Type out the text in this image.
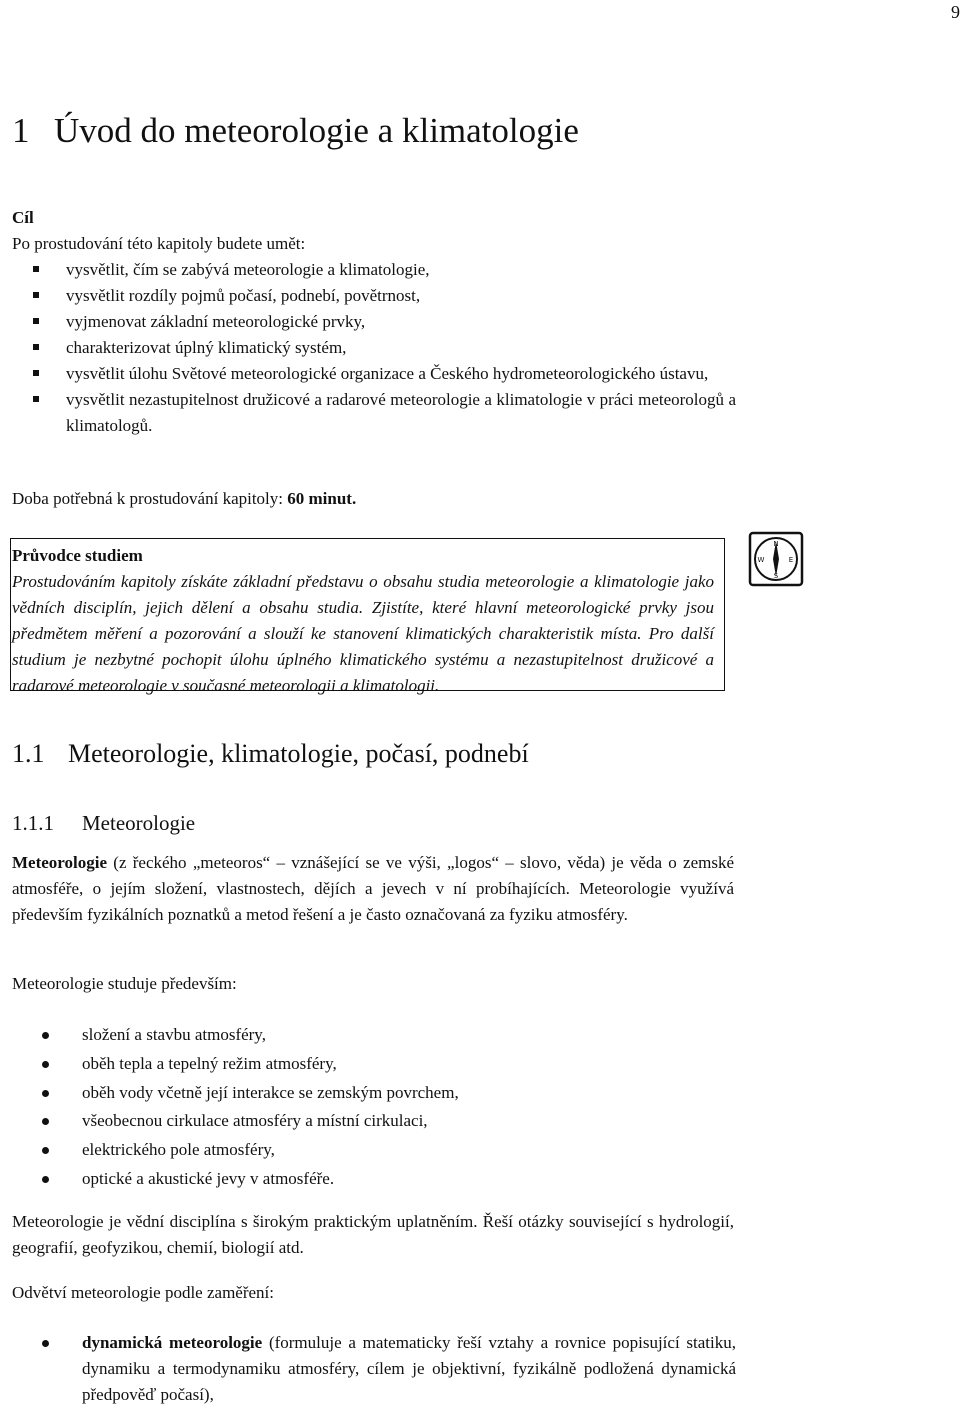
9
1 Úvod do meteorologie a klimatologie
Cíl
Po prostudování této kapitoly budete umět:
vysvětlit, čím se zabývá meteorologie a klimatologie,
vysvětlit rozdíly pojmů počasí, podnebí, povětrnost,
vyjmenovat základní meteorologické prvky,
charakterizovat úplný klimatický systém,
vysvětlit úlohu Světové meteorologické organizace a Českého hydrometeorologického ústavu,
vysvětlit nezastupitelnost družicové a radarové meteorologie a klimatologie v práci meteorologů a klimatologů.
Doba potřebná k prostudování kapitoly: 60 minut.
Průvodce studiem
Prostudováním kapitoly získáte základní představu o obsahu studia meteorologie a klimatologie jako vědních disciplín, jejich dělení a obsahu studia. Zjistíte, které hlavní meteorologické prvky jsou předmětem měření a pozorování a slouží ke stanovení klimatických charakteristik místa. Pro další studium je nezbytné pochopit úlohu úplného klimatického systému a nezastupitelnost družicové a radarové meteorologie v současné meteorologii a klimatologii.
N
S
E
W
1.1 Meteorologie, klimatologie, počasí, podnebí
1.1.1 Meteorologie

Meteorologie (z řeckého „meteoros“ – vznášející se ve výši, „logos“ – slovo, věda) je věda o zemské atmosféře, o jejím složení, vlastnostech, dějích a jevech v ní probíhajících. Meteorologie využívá především fyzikálních poznatků a metod řešení a je často označovaná za fyziku atmosféry.

Meteorologie studuje především:
složení a stavbu atmosféry,
oběh tepla a tepelný režim atmosféry,
oběh vody včetně její interakce se zemským povrchem,
všeobecnou cirkulace atmosféry a místní cirkulaci,
elektrického pole atmosféry,
optické a akustické jevy v atmosféře.

Meteorologie je vědní disciplína s širokým praktickým uplatněním. Řeší otázky související s hydrologií, geografií, geofyzikou, chemií, biologií atd.

Odvětví meteorologie podle zaměření:
dynamická meteorologie (formuluje a matematicky řeší vztahy a rovnice popisující statiku, dynamiku a termodynamiku atmosféry, cílem je objektivní, fyzikálně podložená dynamická předpověď počasí),
